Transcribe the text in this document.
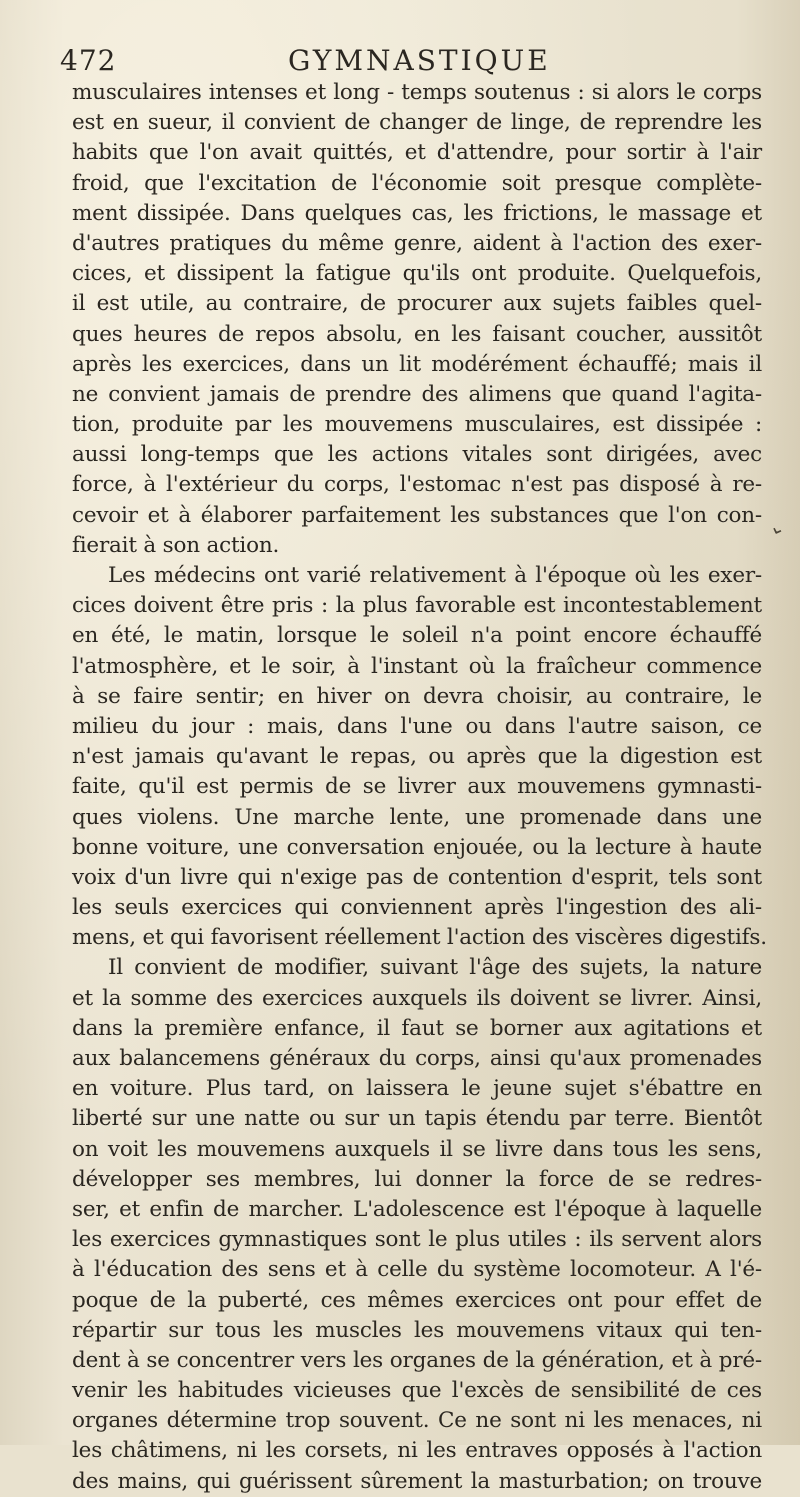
472	GYMNASTIQUE
musculaires intenses et long - temps soutenus : si alors le corps
est en sueur, il convient de changer de linge, de reprendre les
habits que l'on avait quittés, et d'attendre, pour sortir à l'air
froid, que l'excitation de l'économie soit presque complète-
ment dissipée. Dans quelques cas, les frictions, le massage et
d'autres pratiques du même genre, aident à l'action des exer-
cices, et dissipent la fatigue qu'ils ont produite. Quelquefois,
il est utile, au contraire, de procurer aux sujets faibles quel-
ques heures de repos absolu, en les faisant coucher, aussitôt
après les exercices, dans un lit modérément échauffé; mais il
ne convient jamais de prendre des alimens que quand l'agita-
tion, produite par les mouvemens musculaires, est dissipée :
aussi long-temps que les actions vitales sont dirigées, avec
force, à l'extérieur du corps, l'estomac n'est pas disposé à re-
cevoir et à élaborer parfaitement les substances que l'on con-
fierait à son action.
Les médecins ont varié relativement à l'époque où les exer-
cices doivent être pris : la plus favorable est incontestablement
en été, le matin, lorsque le soleil n'a point encore échauffé
l'atmosphère, et le soir, à l'instant où la fraîcheur commence
à se faire sentir; en hiver on devra choisir, au contraire, le
milieu du jour : mais, dans l'une ou dans l'autre saison, ce
n'est jamais qu'avant le repas, ou après que la digestion est
faite, qu'il est permis de se livrer aux mouvemens gymnasti-
ques violens. Une marche lente, une promenade dans une
bonne voiture, une conversation enjouée, ou la lecture à haute
voix d'un livre qui n'exige pas de contention d'esprit, tels sont
les seuls exercices qui conviennent après l'ingestion des ali-
mens, et qui favorisent réellement l'action des viscères digestifs.
Il convient de modifier, suivant l'âge des sujets, la nature
et la somme des exercices auxquels ils doivent se livrer. Ainsi,
dans la première enfance, il faut se borner aux agitations et
aux balancemens généraux du corps, ainsi qu'aux promenades
en voiture. Plus tard, on laissera le jeune sujet s'ébattre en
liberté sur une natte ou sur un tapis étendu par terre. Bientôt
on voit les mouvemens auxquels il se livre dans tous les sens,
développer ses membres, lui donner la force de se redres-
ser, et enfin de marcher. L'adolescence est l'époque à laquelle
les exercices gymnastiques sont le plus utiles : ils servent alors
à l'éducation des sens et à celle du système locomoteur. A l'é-
poque de la puberté, ces mêmes exercices ont pour effet de
répartir sur tous les muscles les mouvemens vitaux qui ten-
dent à se concentrer vers les organes de la génération, et à pré-
venir les habitudes vicieuses que l'excès de sensibilité de ces
organes détermine trop souvent. Ce ne sont ni les menaces, ni
les châtimens, ni les corsets, ni les entraves opposés à l'action
des mains, qui guérissent sûrement la masturbation; on trouve
⌄
